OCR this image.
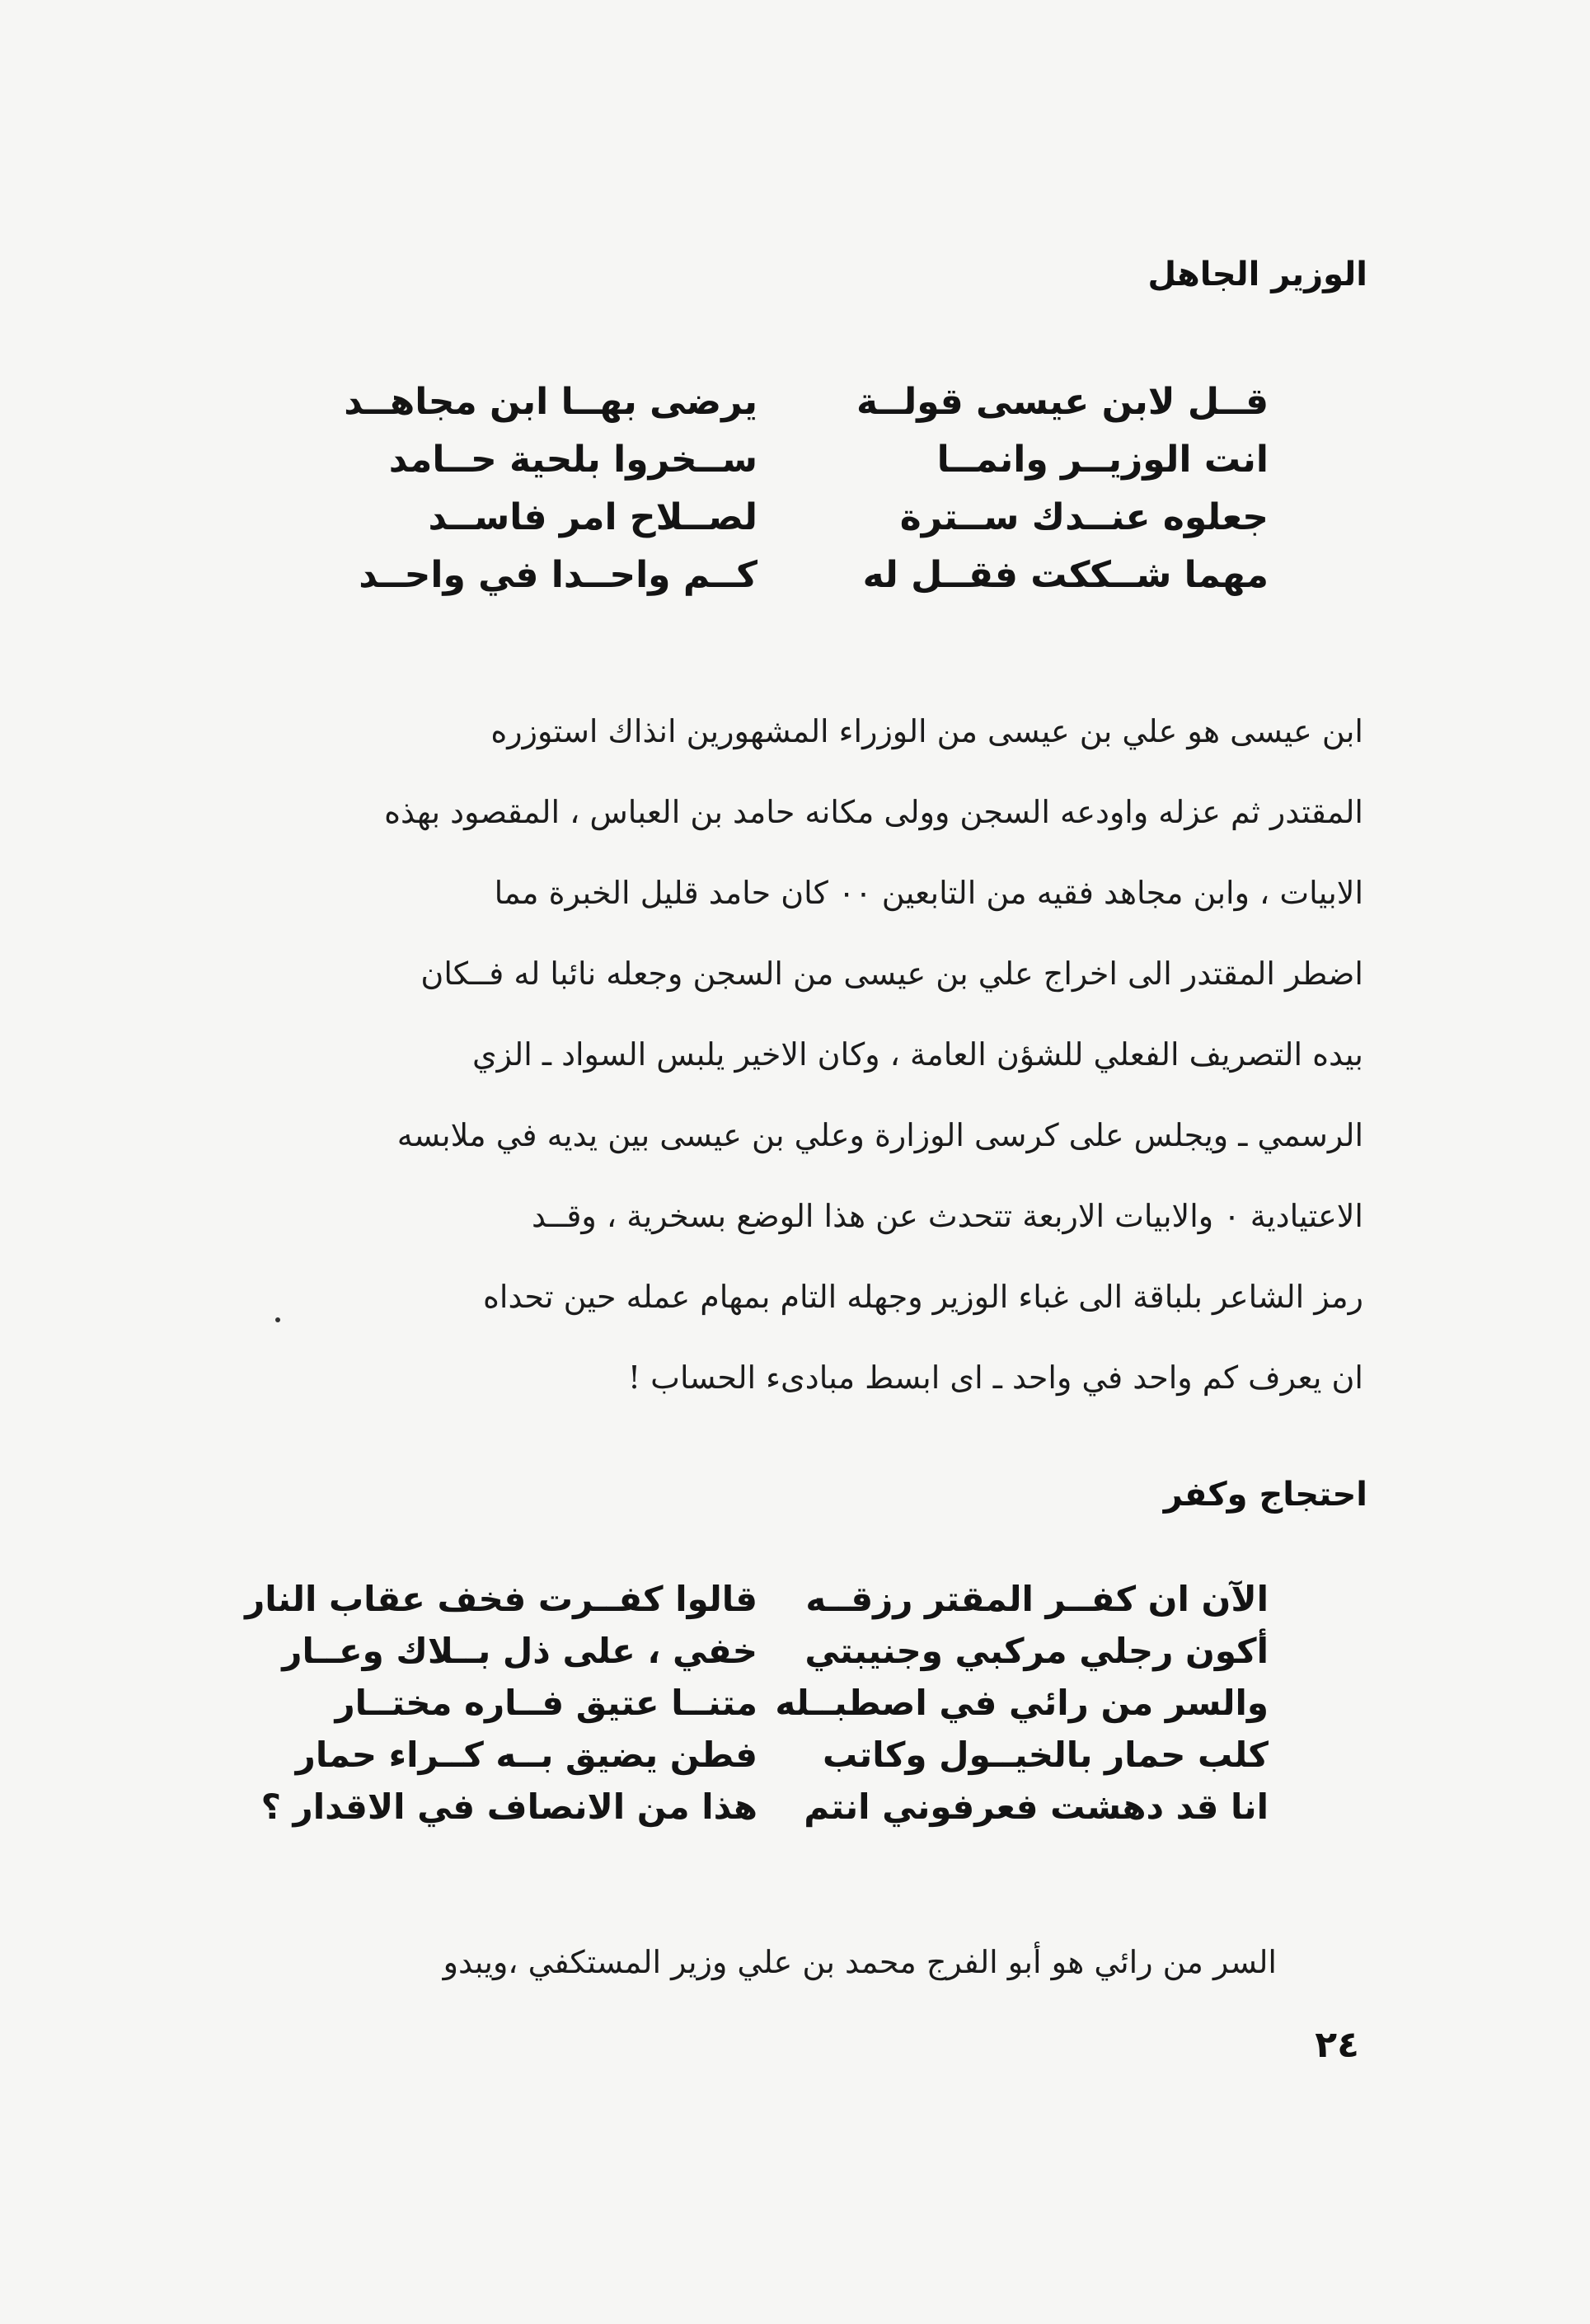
الوزير الجاهل
قــل لابن عيسى قولــة
يرضى بهــا ابن مجاهــد
انت الوزيــر وانمــا
ســخروا بلحية حــامد
جعلوه عنــدك ســترة
لصــلاح امر فاســد
مهما شــككت فقــل له
كــم واحــدا في واحــد
ابن عيسى هو علي بن عيسى من الوزراء المشهورين انذاك استوزره
المقتدر ثم عزله واودعه السجن وولى مكانه حامد بن العباس ، المقصود بهذه
الابيات ، وابن مجاهد فقيه من التابعين ٠٠ كان حامد قليل الخبرة مما
اضطر المقتدر الى اخراج علي بن عيسى من السجن وجعله نائبا له فــكان
بيده التصريف الفعلي للشؤن العامة ، وكان الاخير يلبس السواد ـ الزي
الرسمي ـ ويجلس على كرسى الوزارة وعلي بن عيسى بين يديه في ملابسه
الاعتيادية ٠ والابيات الاربعة تتحدث عن هذا الوضع بسخرية ، وقــد
رمز الشاعر بلباقة الى غباء الوزير وجهله التام بمهام عمله حين تحداه
ان يعرف كم واحد في واحد ـ اى ابسط مبادىء الحساب !
احتجاج وكفر
الآن ان كفــر المقتر رزقــه
قالوا كفــرت فخف عقاب النار
أكون رجلي مركبي وجنيبتي
خفي ، على ذل بــلاك وعــار
والسر من رائي في اصطبــله
متنــا عتيق فــاره مختــار
كلب حمار بالخيــول وكاتب
فطن يضيق بــه كــراء حمار
انا قد دهشت فعرفوني انتم
هذا من الانصاف في الاقدار ؟
السر من رائي هو أبو الفرج محمد بن علي وزير المستكفي ،ويبدو
٢٤
